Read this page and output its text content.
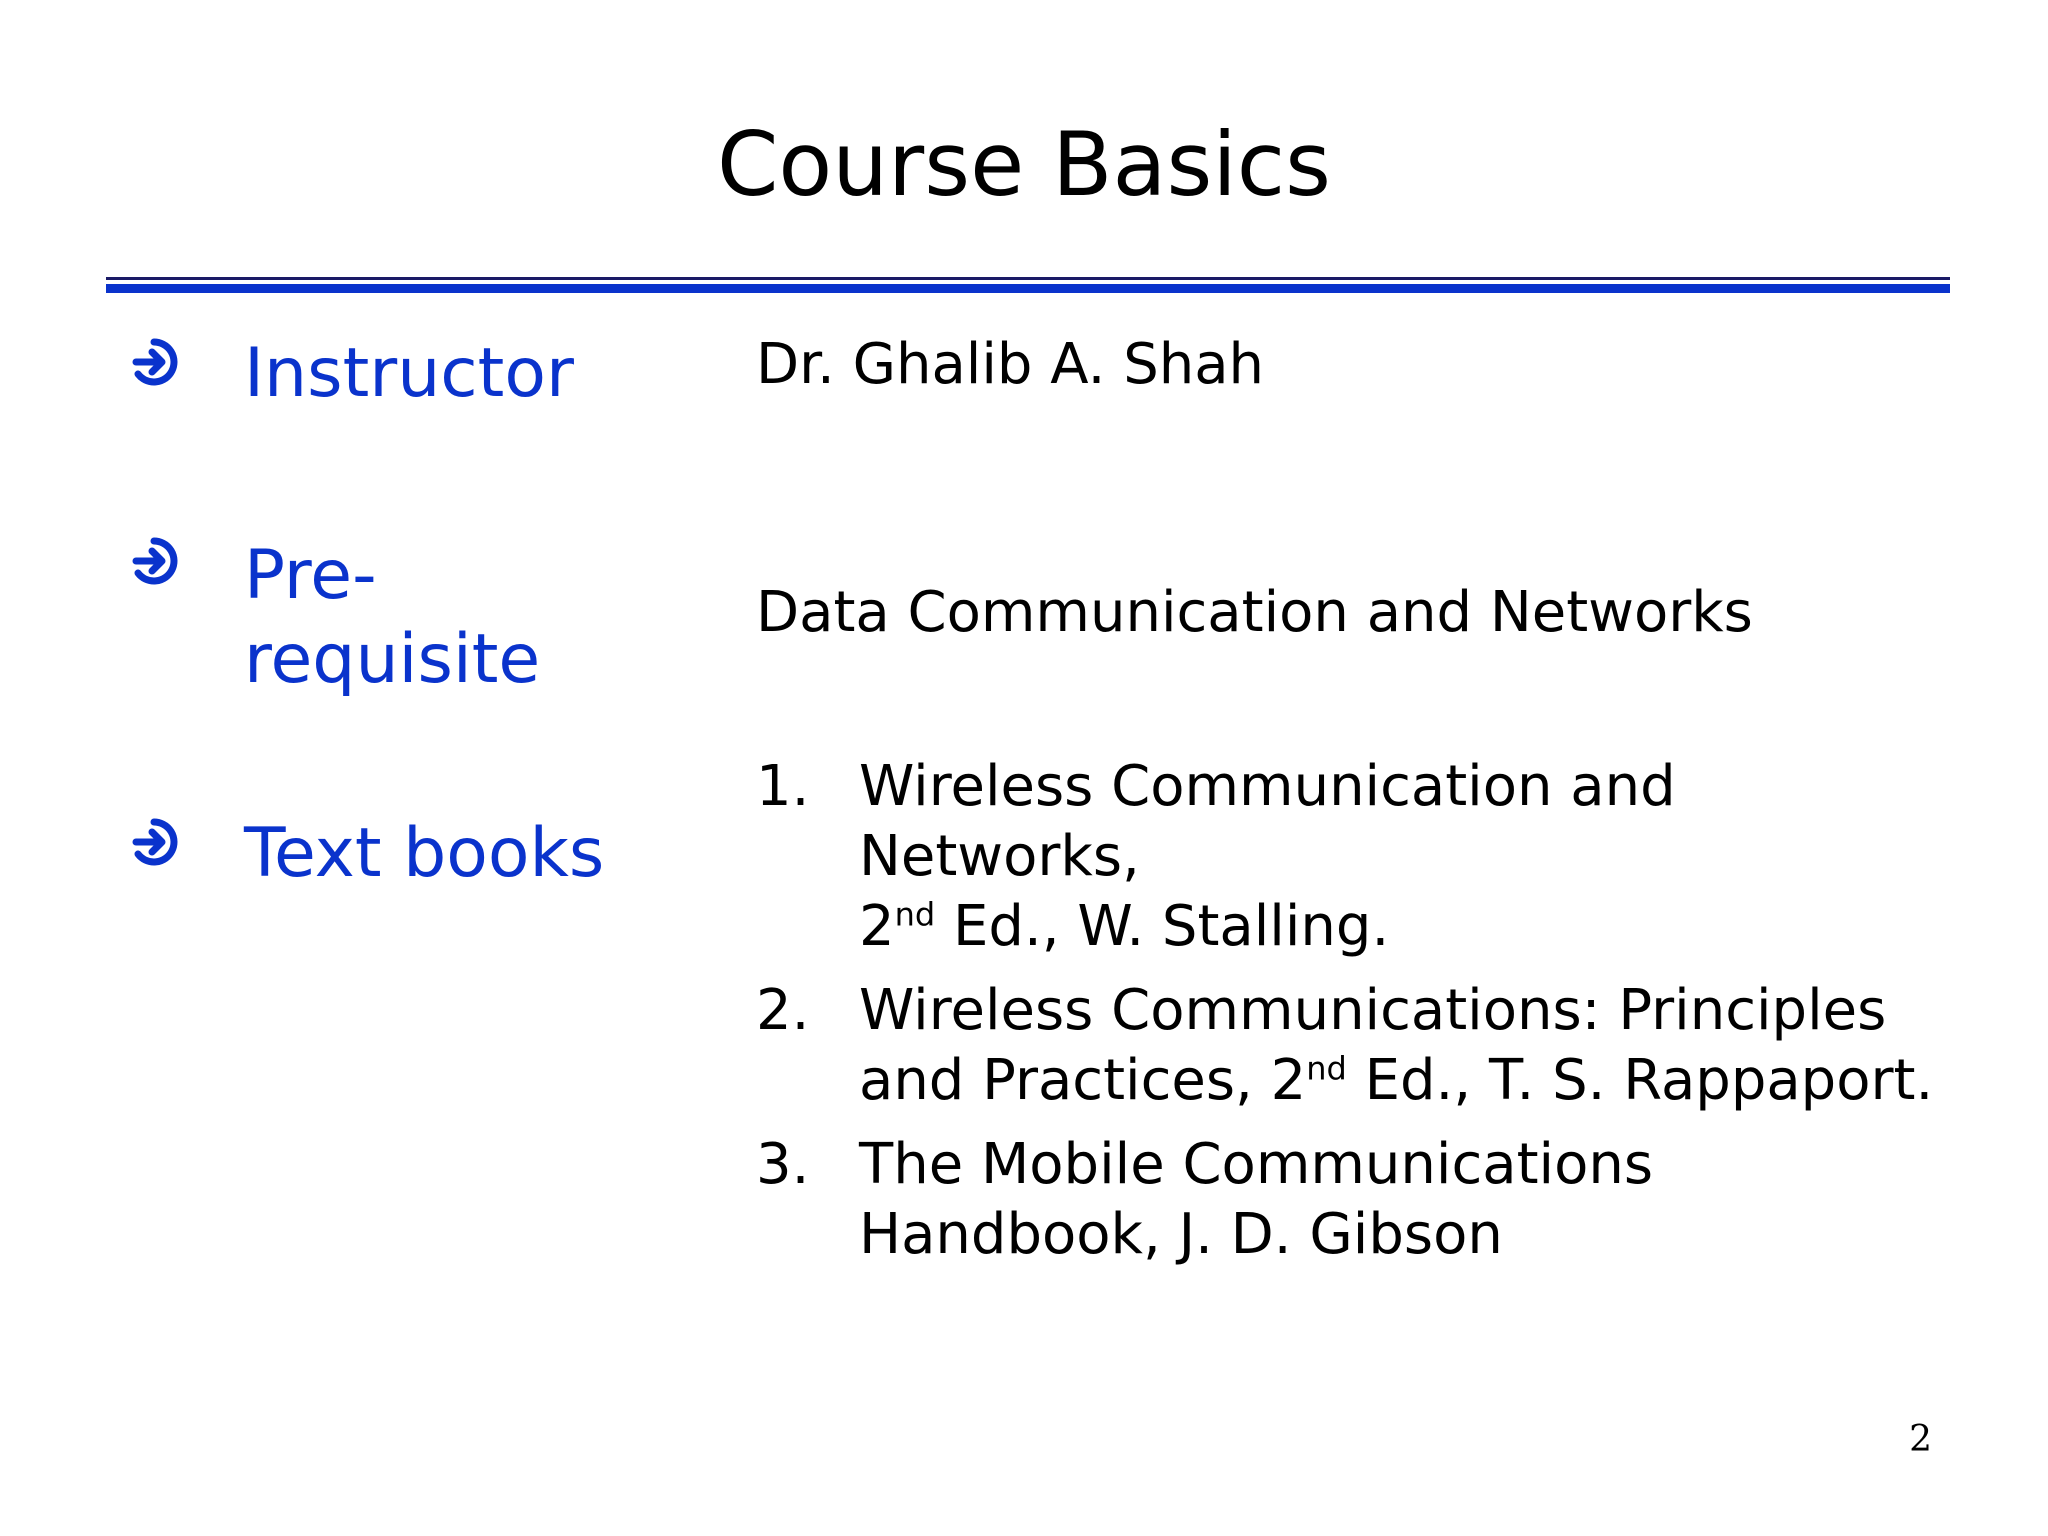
Course Basics
Instructor	Dr. Ghalib A. Shah
Pre-
requisite
Data Communication and Networks
Text books
1. Wireless Communication and Networks,
2nd Ed., W. Stalling.
2. Wireless Communications: Principles
and Practices, 2nd Ed., T. S. Rappaport.
3. The Mobile Communications
Handbook, J. D. Gibson
2
